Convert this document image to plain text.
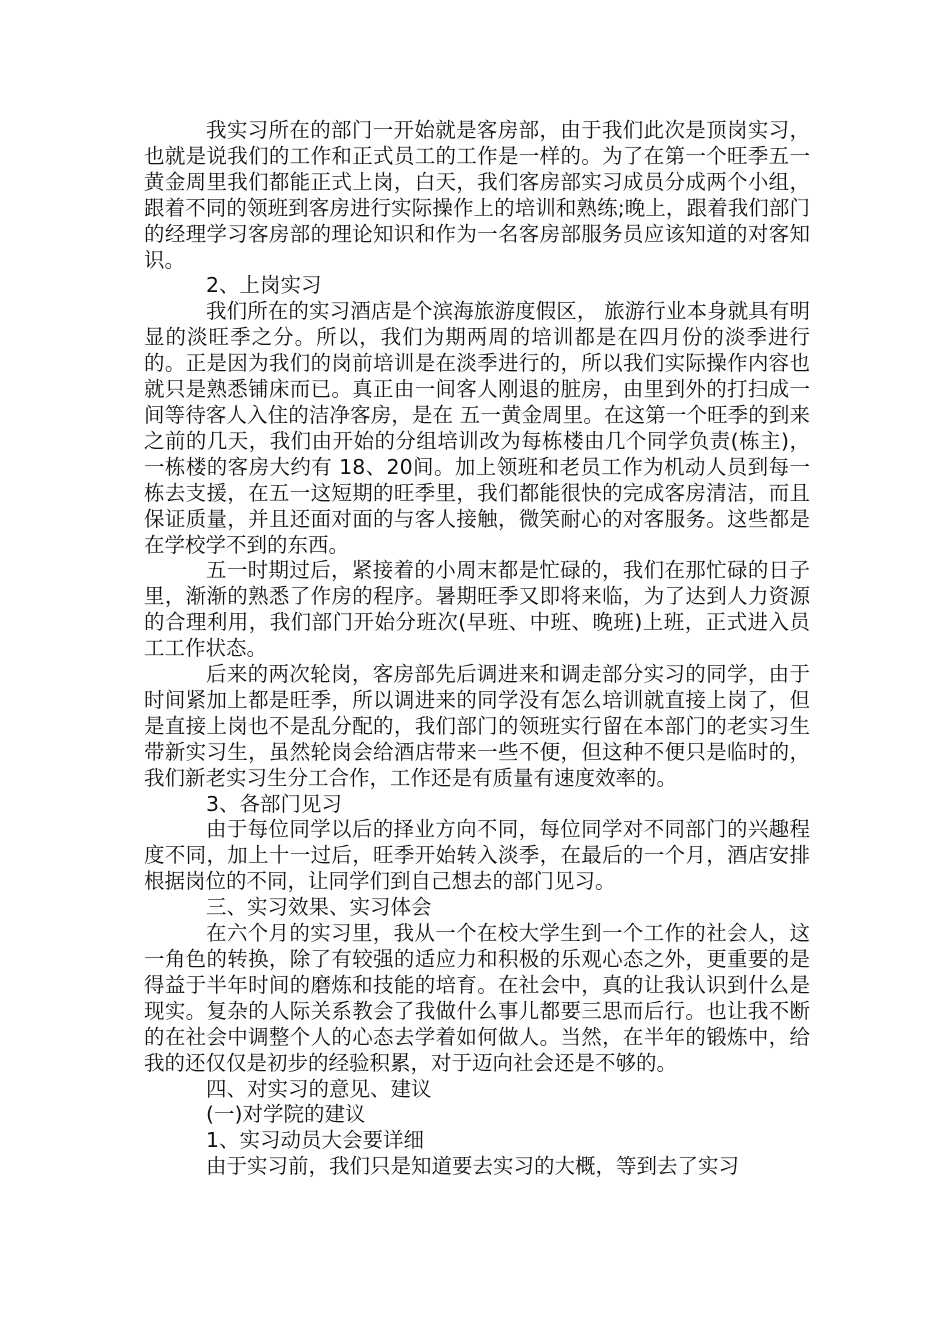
我实习所在的部门一开始就是客房部，由于我们此次是顶岗实习，也就是说我们的工作和正式员工的工作是一样的。为了在第一个旺季五一黄金周里我们都能正式上岗，白天，我们客房部实习成员分成两个小组，跟着不同的领班到客房进行实际操作上的培训和熟练;晚上，跟着我们部门的经理学习客房部的理论知识和作为一名客房部服务员应该知道的对客知识。

2、上岗实习

我们所在的实习酒店是个滨海旅游度假区， 旅游行业本身就具有明显的淡旺季之分。所以，我们为期两周的培训都是在四月份的淡季进行的。正是因为我们的岗前培训是在淡季进行的，所以我们实际操作内容也就只是熟悉铺床而已。真正由一间客人刚退的脏房，由里到外的打扫成一间等待客人入住的洁净客房，是在 五一黄金周里。在这第一个旺季的到来之前的几天，我们由开始的分组培训改为每栋楼由几个同学负责(栋主)，一栋楼的客房大约有 18、20间。加上领班和老员工作为机动人员到每一栋去支援，在五一这短期的旺季里，我们都能很快的完成客房清洁，而且保证质量，并且还面对面的与客人接触，微笑耐心的对客服务。这些都是在学校学不到的东西。

五一时期过后，紧接着的小周末都是忙碌的，我们在那忙碌的日子里，渐渐的熟悉了作房的程序。暑期旺季又即将来临，为了达到人力资源的合理利用，我们部门开始分班次(早班、中班、晚班)上班，正式进入员工工作状态。

后来的两次轮岗，客房部先后调进来和调走部分实习的同学，由于时间紧加上都是旺季，所以调进来的同学没有怎么培训就直接上岗了，但是直接上岗也不是乱分配的，我们部门的领班实行留在本部门的老实习生带新实习生，虽然轮岗会给酒店带来一些不便，但这种不便只是临时的，我们新老实习生分工合作，工作还是有质量有速度效率的。

3、各部门见习

由于每位同学以后的择业方向不同，每位同学对不同部门的兴趣程度不同，加上十一过后，旺季开始转入淡季，在最后的一个月，酒店安排根据岗位的不同，让同学们到自己想去的部门见习。

三、实习效果、实习体会

在六个月的实习里，我从一个在校大学生到一个工作的社会人，这一角色的转换，除了有较强的适应力和积极的乐观心态之外，更重要的是得益于半年时间的磨炼和技能的培育。在社会中，真的让我认识到什么是现实。复杂的人际关系教会了我做什么事儿都要三思而后行。也让我不断的在社会中调整个人的心态去学着如何做人。当然，在半年的锻炼中，给我的还仅仅是初步的经验积累，对于迈向社会还是不够的。

四、对实习的意见、建议

(一)对学院的建议

1、实习动员大会要详细

由于实习前，我们只是知道要去实习的大概，等到去了实习
